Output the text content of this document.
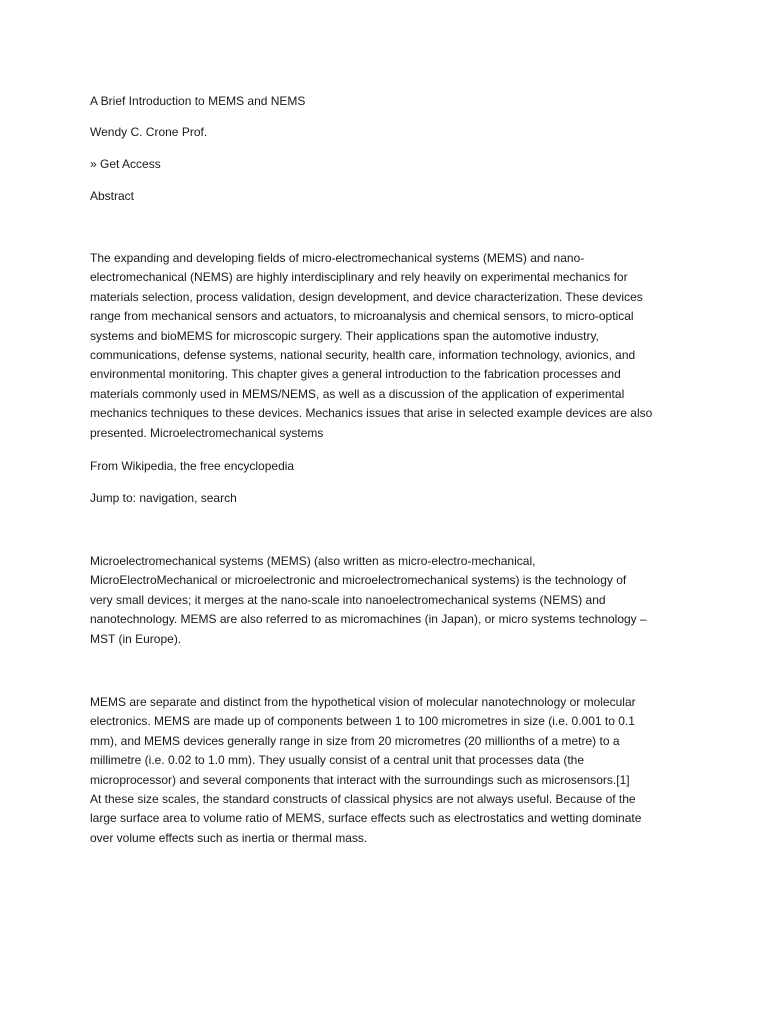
A Brief Introduction to MEMS and NEMS
Wendy C. Crone Prof.
» Get Access
Abstract
The expanding and developing fields of micro-electromechanical systems (MEMS) and nano-
electromechanical (NEMS) are highly interdisciplinary and rely heavily on experimental mechanics for
materials selection, process validation, design development, and device characterization. These devices
range from mechanical sensors and actuators, to microanalysis and chemical sensors, to micro-optical
systems and bioMEMS for microscopic surgery. Their applications span the automotive industry,
communications, defense systems, national security, health care, information technology, avionics, and
environmental monitoring. This chapter gives a general introduction to the fabrication processes and
materials commonly used in MEMS/NEMS, as well as a discussion of the application of experimental
mechanics techniques to these devices. Mechanics issues that arise in selected example devices are also
presented. Microelectromechanical systems
From Wikipedia, the free encyclopedia
Jump to: navigation, search
Microelectromechanical systems (MEMS) (also written as micro-electro-mechanical,
MicroElectroMechanical or microelectronic and microelectromechanical systems) is the technology of
very small devices; it merges at the nano-scale into nanoelectromechanical systems (NEMS) and
nanotechnology. MEMS are also referred to as micromachines (in Japan), or micro systems technology –
MST (in Europe).
MEMS are separate and distinct from the hypothetical vision of molecular nanotechnology or molecular
electronics. MEMS are made up of components between 1 to 100 micrometres in size (i.e. 0.001 to 0.1
mm), and MEMS devices generally range in size from 20 micrometres (20 millionths of a metre) to a
millimetre (i.e. 0.02 to 1.0 mm). They usually consist of a central unit that processes data (the
microprocessor) and several components that interact with the surroundings such as microsensors.[1]
At these size scales, the standard constructs of classical physics are not always useful. Because of the
large surface area to volume ratio of MEMS, surface effects such as electrostatics and wetting dominate
over volume effects such as inertia or thermal mass.
